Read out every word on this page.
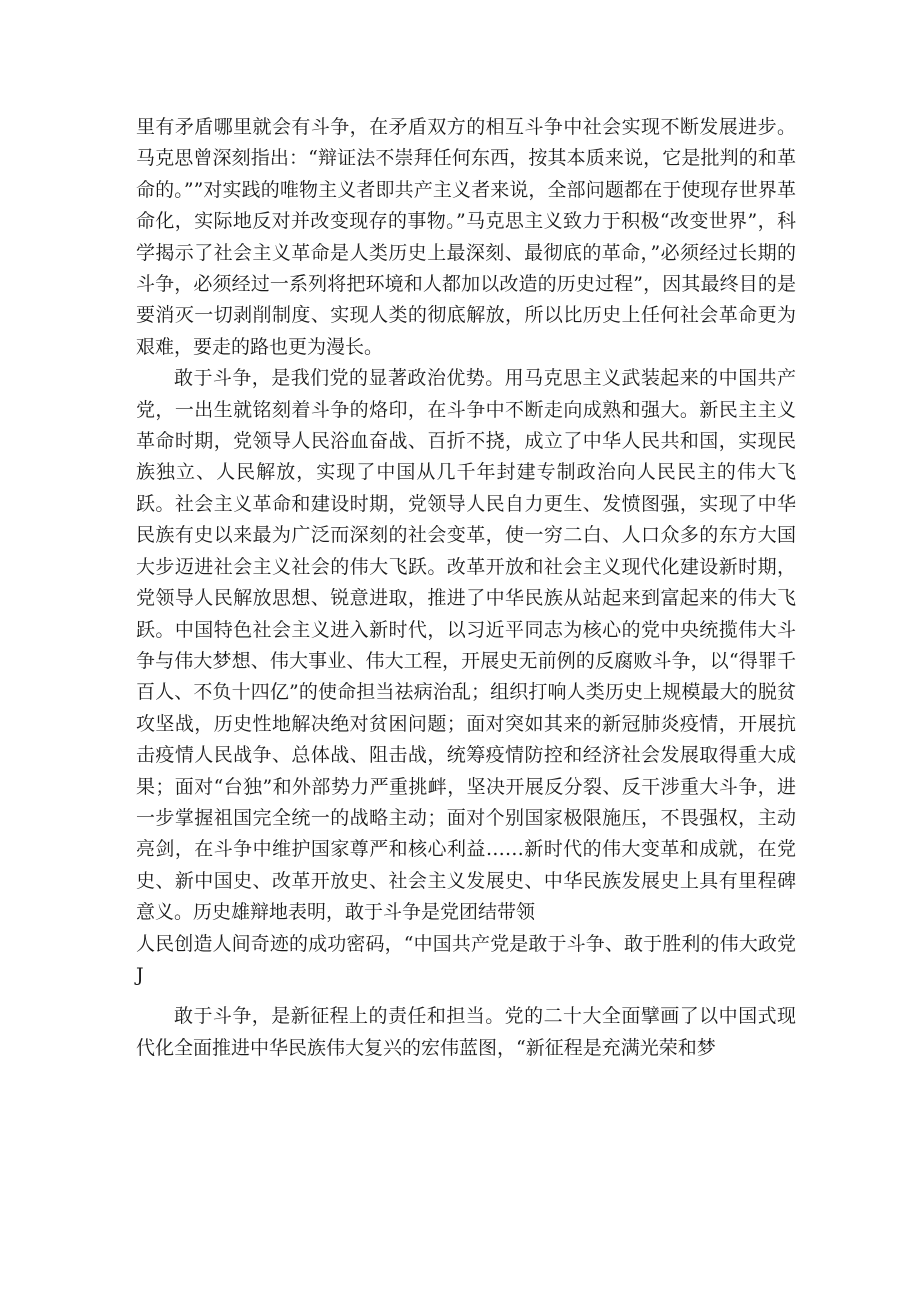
里有矛盾哪里就会有斗争，在矛盾双方的相互斗争中社会实现不断发展进步。马克思曾深刻指出：“辩证法不崇拜任何东西，按其本质来说，它是批判的和革命的。””对实践的唯物主义者即共产主义者来说，全部问题都在于使现存世界革命化，实际地反对并改变现存的事物。”马克思主义致力于积极“改变世界”，科学揭示了社会主义革命是人类历史上最深刻、最彻底的革命，”必须经过长期的斗争，必须经过一系列将把环境和人都加以改造的历史过程”，因其最终目的是要消灭一切剥削制度、实现人类的彻底解放，所以比历史上任何社会革命更为艰难，要走的路也更为漫长。

敢于斗争，是我们党的显著政治优势。用马克思主义武装起来的中国共产党，一出生就铭刻着斗争的烙印，在斗争中不断走向成熟和强大。新民主主义革命时期，党领导人民浴血奋战、百折不挠，成立了中华人民共和国，实现民族独立、人民解放，实现了中国从几千年封建专制政治向人民民主的伟大飞跃。社会主义革命和建设时期，党领导人民自力更生、发愤图强，实现了中华民族有史以来最为广泛而深刻的社会变革，使一穷二白、人口众多的东方大国大步迈进社会主义社会的伟大飞跃。改革开放和社会主义现代化建设新时期，党领导人民解放思想、锐意进取，推进了中华民族从站起来到富起来的伟大飞跃。中国特色社会主义进入新时代，以习近平同志为核心的党中央统揽伟大斗争与伟大梦想、伟大事业、伟大工程，开展史无前例的反腐败斗争，以“得罪千百人、不负十四亿”的使命担当祛病治乱；组织打响人类历史上规模最大的脱贫攻坚战，历史性地解决绝对贫困问题；面对突如其来的新冠肺炎疫情，开展抗击疫情人民战争、总体战、阻击战，统筹疫情防控和经济社会发展取得重大成果；面对“台独”和外部势力严重挑衅，坚决开展反分裂、反干涉重大斗争，进一步掌握祖国完全统一的战略主动；面对个别国家极限施压，不畏强权，主动亮剑，在斗争中维护国家尊严和核心利益……新时代的伟大变革和成就，在党史、新中国史、改革开放史、社会主义发展史、中华民族发展史上具有里程碑意义。历史雄辩地表明，敢于斗争是党团结带领

人民创造人间奇迹的成功密码，“中国共产党是敢于斗争、敢于胜利的伟大政党J

敢于斗争，是新征程上的责任和担当。党的二十大全面擘画了以中国式现代化全面推进中华民族伟大复兴的宏伟蓝图，“新征程是充满光荣和梦
